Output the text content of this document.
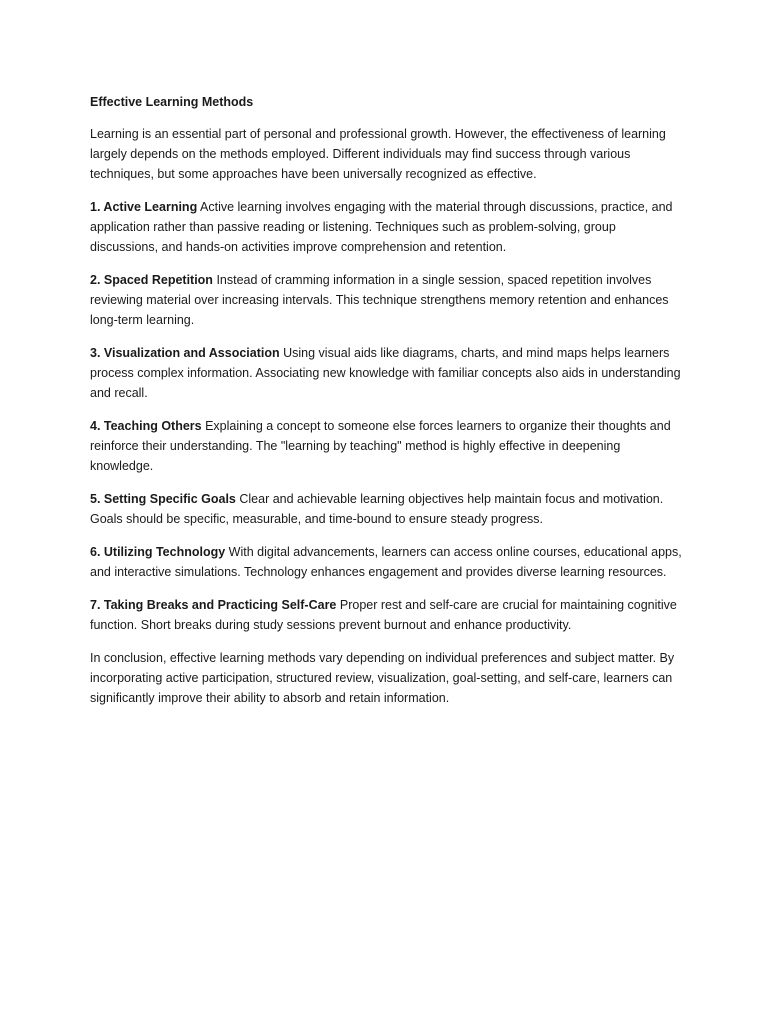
Effective Learning Methods

Learning is an essential part of personal and professional growth. However, the effectiveness of learning largely depends on the methods employed. Different individuals may find success through various techniques, but some approaches have been universally recognized as effective.

1. Active Learning Active learning involves engaging with the material through discussions, practice, and application rather than passive reading or listening. Techniques such as problem-solving, group discussions, and hands-on activities improve comprehension and retention.

2. Spaced Repetition Instead of cramming information in a single session, spaced repetition involves reviewing material over increasing intervals. This technique strengthens memory retention and enhances long-term learning.

3. Visualization and Association Using visual aids like diagrams, charts, and mind maps helps learners process complex information. Associating new knowledge with familiar concepts also aids in understanding and recall.

4. Teaching Others Explaining a concept to someone else forces learners to organize their thoughts and reinforce their understanding. The "learning by teaching" method is highly effective in deepening knowledge.

5. Setting Specific Goals Clear and achievable learning objectives help maintain focus and motivation. Goals should be specific, measurable, and time-bound to ensure steady progress.

6. Utilizing Technology With digital advancements, learners can access online courses, educational apps, and interactive simulations. Technology enhances engagement and provides diverse learning resources.

7. Taking Breaks and Practicing Self-Care Proper rest and self-care are crucial for maintaining cognitive function. Short breaks during study sessions prevent burnout and enhance productivity.

In conclusion, effective learning methods vary depending on individual preferences and subject matter. By incorporating active participation, structured review, visualization, goal-setting, and self-care, learners can significantly improve their ability to absorb and retain information.
